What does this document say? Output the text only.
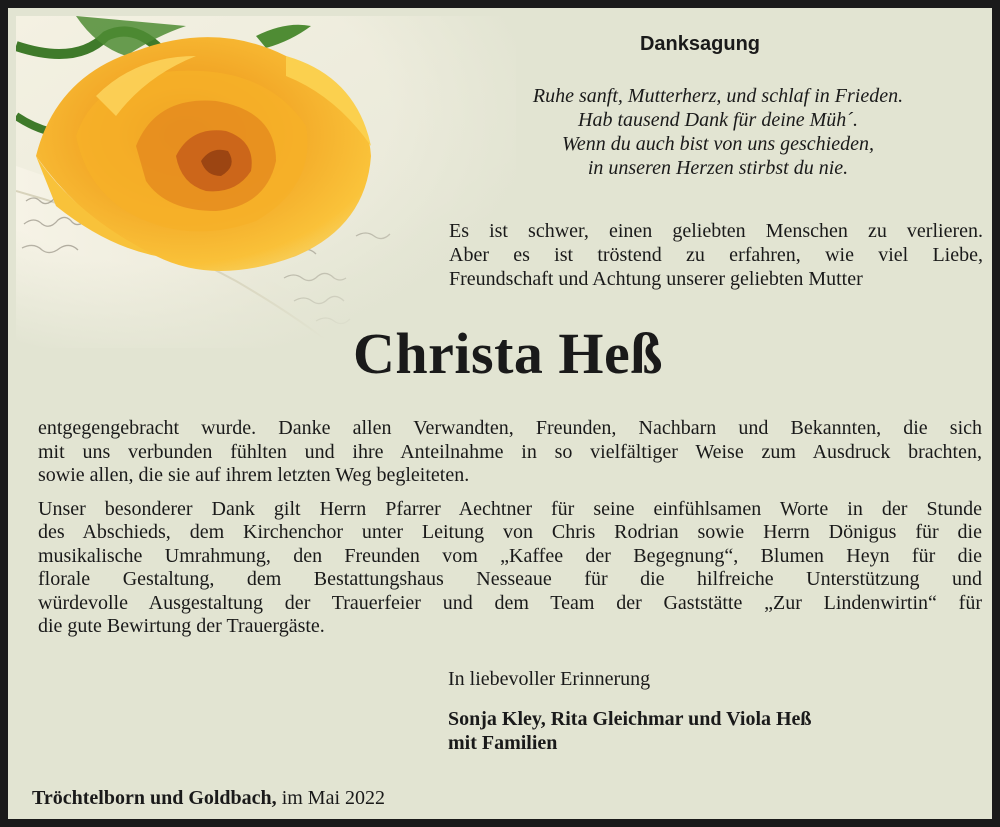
Danksagung
Ruhe sanft, Mutterherz, und schlaf in Frieden.
Hab tausend Dank für deine Müh´.
Wenn du auch bist von uns geschieden,
in unseren Herzen stirbst du nie.
Es ist schwer, einen geliebten Menschen zu verlieren.
Aber es ist tröstend zu erfahren, wie viel Liebe,
Freundschaft und Achtung unserer geliebten Mutter
Christa Heß
entgegengebracht wurde. Danke allen Verwandten, Freunden, Nachbarn und Bekannten, die sich
mit uns verbunden fühlten und ihre Anteilnahme in so vielfältiger Weise zum Ausdruck brachten,
sowie allen, die sie auf ihrem letzten Weg begleiteten.
Unser besonderer Dank gilt Herrn Pfarrer Aechtner für seine einfühlsamen Worte in der Stunde
des Abschieds, dem Kirchenchor unter Leitung von Chris Rodrian sowie Herrn Dönigus für die
musikalische Umrahmung, den Freunden vom „Kaffee der Begegnung“, Blumen Heyn für die
florale Gestaltung, dem Bestattungshaus Nesseaue für die hilfreiche Unterstützung und
würdevolle Ausgestaltung der Trauerfeier und dem Team der Gaststätte „Zur Lindenwirtin“ für
die gute Bewirtung der Trauergäste.
In liebevoller Erinnerung
Sonja Kley, Rita Gleichmar und Viola Heß
mit Familien
Tröchtelborn und Goldbach, im Mai 2022
